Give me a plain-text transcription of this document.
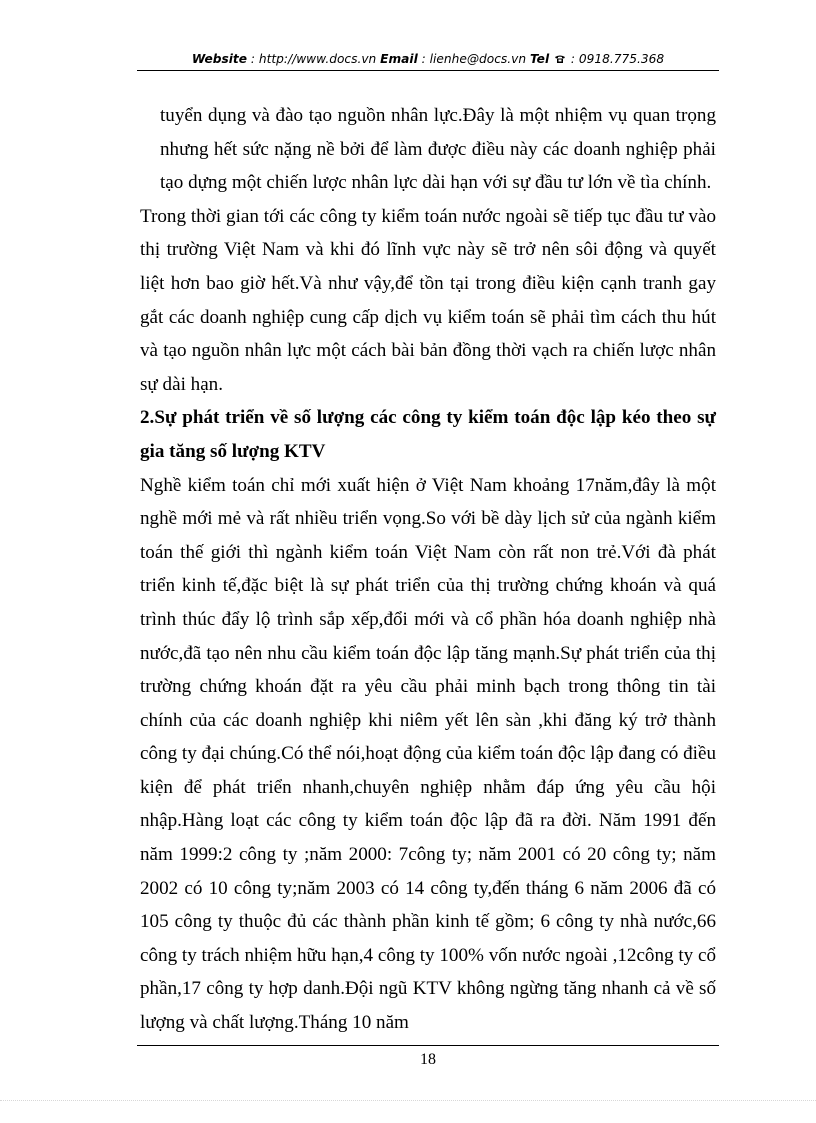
Website : http://www.docs.vn Email : lienhe@docs.vn Tel  : 0918.775.368

tuyển dụng và đào tạo nguồn nhân lực.Đây là một nhiệm vụ quan trọng nhưng hết sức nặng nề bởi để làm được điều này các doanh nghiệp phải tạo dựng một chiến lược nhân lực dài hạn với sự đầu tư lớn về tìa chính.

Trong thời gian tới các công ty kiểm toán nước ngoài sẽ tiếp tục đầu tư vào thị trường Việt Nam và khi đó lĩnh vực này sẽ trở nên sôi động và quyết liệt hơn bao giờ hết.Và như vậy,để tồn tại trong điều kiện cạnh tranh gay gắt các doanh nghiệp cung cấp dịch vụ kiểm toán sẽ phải tìm cách thu hút và tạo nguồn nhân lực một cách bài bản đồng thời vạch ra chiến lược nhân sự dài hạn.

2.Sự phát triển về số lượng các công ty kiểm toán độc lập kéo theo sự gia tăng số lượng KTV

Nghề kiểm toán chỉ mới xuất hiện ở Việt Nam khoảng 17năm,đây là một nghề mới mẻ và rất nhiều triển vọng.So với bề dày lịch sử của ngành kiểm toán thế giới thì ngành kiểm toán Việt Nam còn rất non trẻ.Với đà phát triển kinh tế,đặc biệt là sự phát triển của thị trường chứng khoán và quá trình thúc đẩy lộ trình sắp xếp,đổi mới và cổ phần hóa doanh nghiệp nhà nước,đã tạo nên nhu cầu kiểm toán độc lập tăng mạnh.Sự phát triển của thị trường chứng khoán đặt ra yêu cầu phải minh bạch trong thông tin tài chính của các doanh nghiệp khi niêm yết lên sàn ,khi đăng ký trở thành công ty đại chúng.Có thể nói,hoạt động của kiểm toán độc lập đang có điều kiện để phát triển nhanh,chuyên nghiệp nhằm đáp ứng yêu cầu hội nhập.Hàng loạt các công ty kiểm toán độc lập đã ra đời. Năm 1991 đến năm 1999:2 công ty ;năm 2000: 7công ty; năm 2001 có 20 công ty; năm 2002 có 10 công ty;năm 2003 có 14 công ty,đến tháng 6 năm 2006 đã có 105 công ty thuộc đủ các thành phần kinh tế gồm; 6 công ty nhà nước,66 công ty trách nhiệm hữu hạn,4 công ty 100% vốn nước ngoài ,12công ty cổ phần,17 công ty hợp danh.Đội ngũ KTV không ngừng tăng nhanh cả về số lượng và chất lượng.Tháng 10 năm

18
